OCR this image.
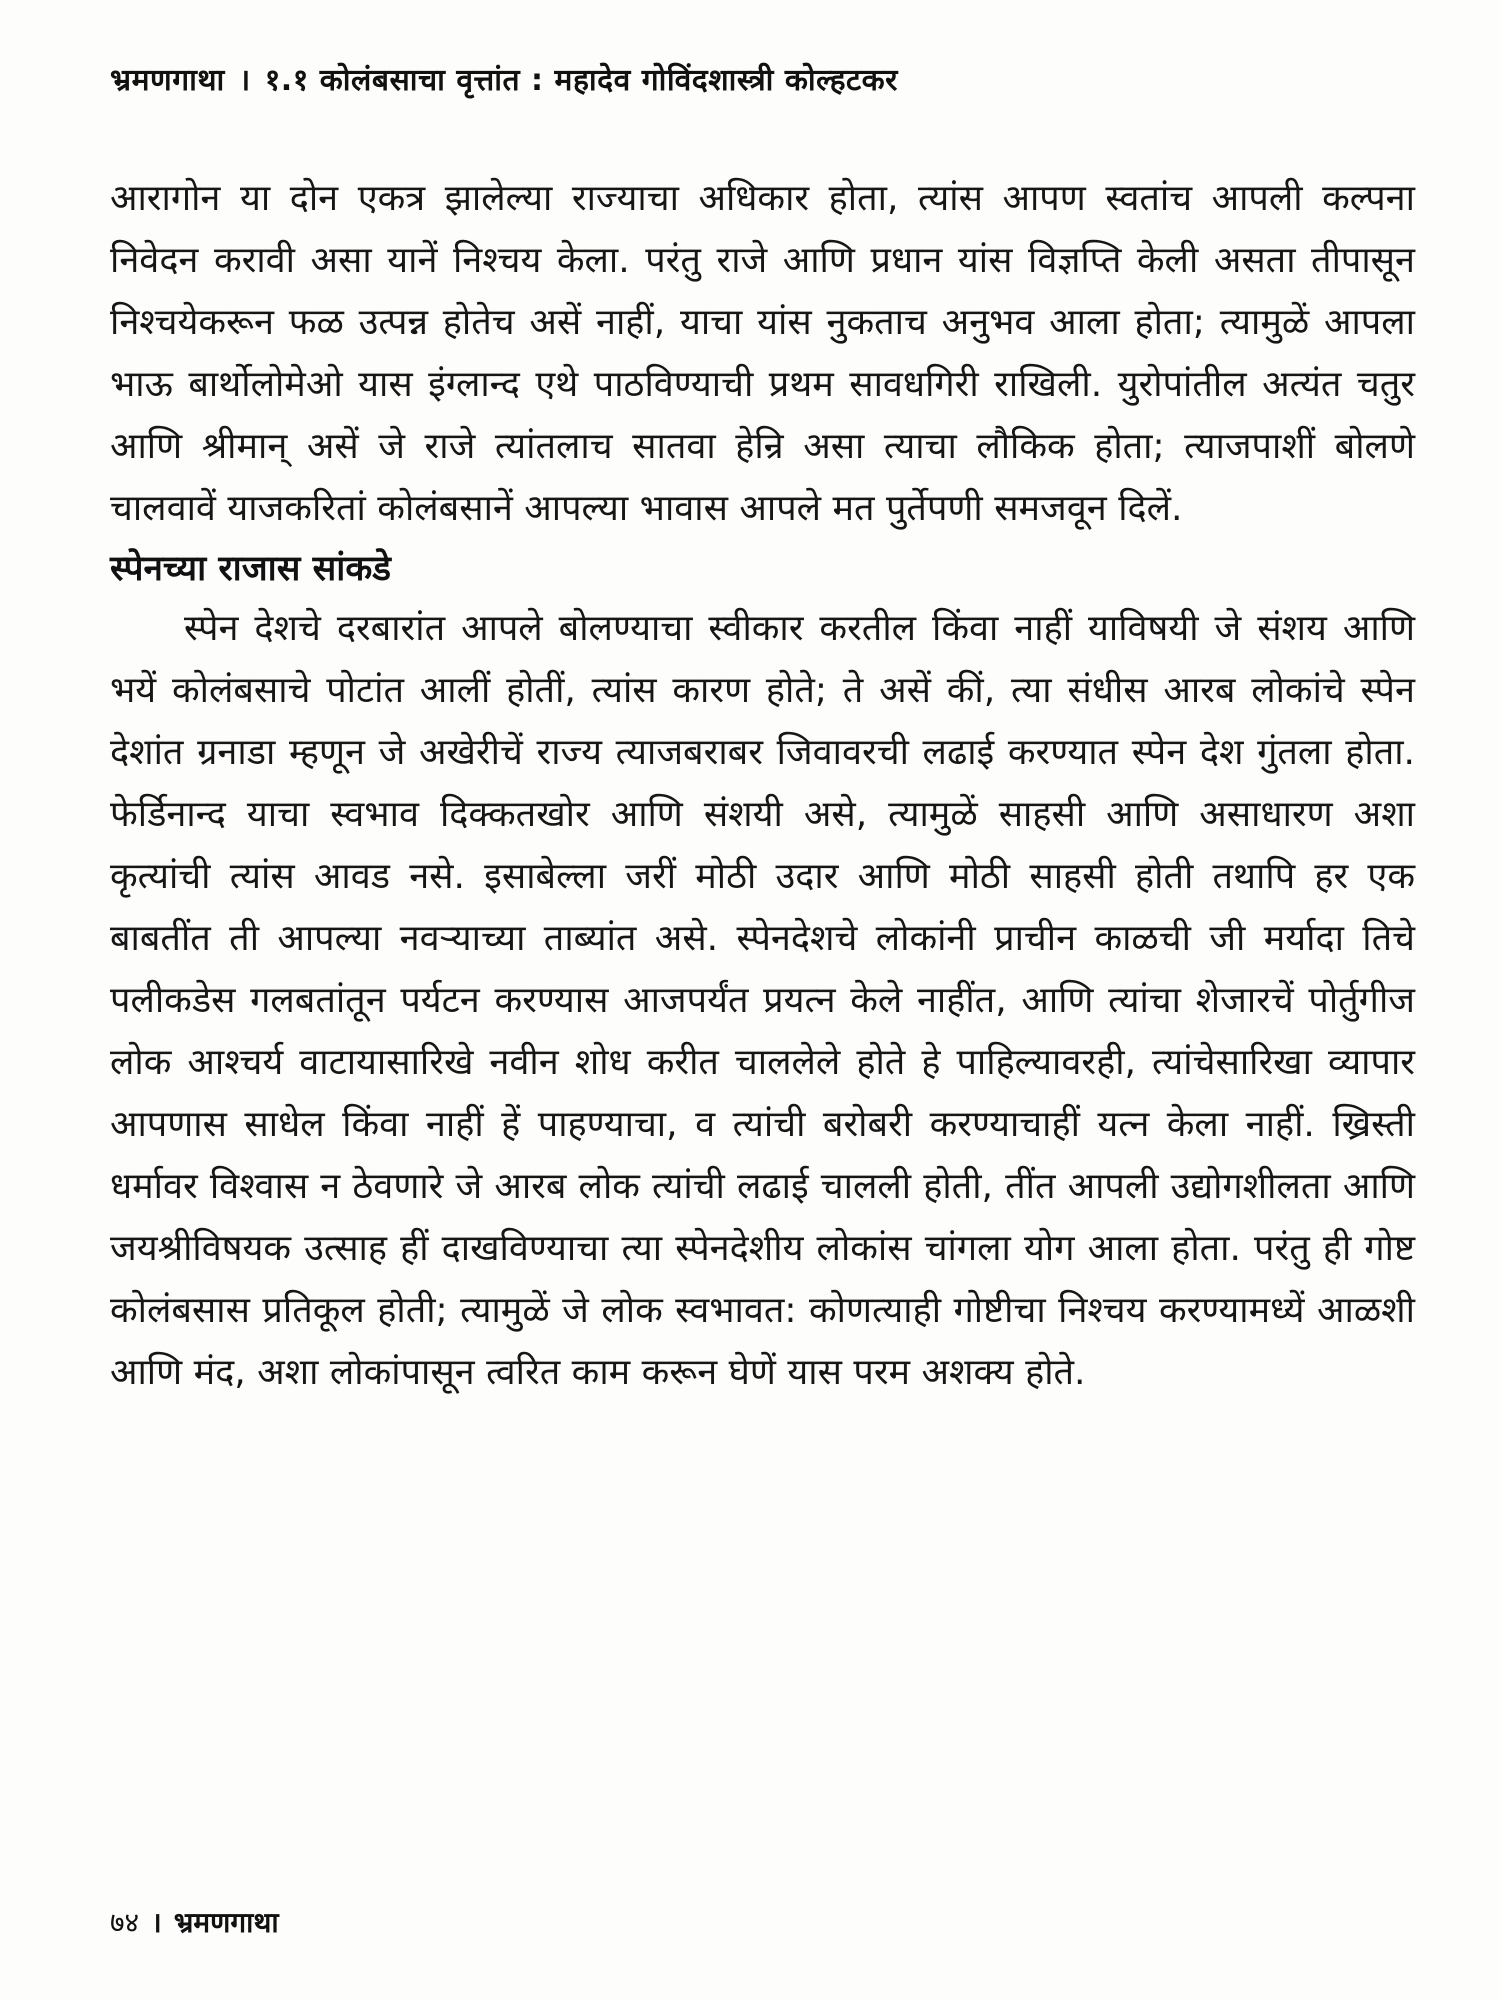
भ्रमणगाथा । १.१ कोलंबसाचा वृत्तांत : महादेव गोविंदशास्त्री कोल्हटकर

आरागोन या दोन एकत्र झालेल्या राज्याचा अधिकार होता, त्यांस आपण स्वतांच आपली कल्पना निवेदन करावी असा यानें निश्चय केला. परंतु राजे आणि प्रधान यांस विज्ञप्ति केली असता तीपासून निश्चयेकरून फळ उत्पन्न होतेच असें नाहीं, याचा यांस नुकताच अनुभव आला होता; त्यामुळें आपला भाऊ बार्थोलोमेओ यास इंग्लान्द एथे पाठविण्याची प्रथम सावधगिरी राखिली. युरोपांतील अत्यंत चतुर आणि श्रीमान् असें जे राजे त्यांतलाच सातवा हेन्रि असा त्याचा लौकिक होता; त्याजपाशीं बोलणे चालवावें याजकरितां कोलंबसानें आपल्या भावास आपले मत पुर्तेपणी समजवून दिलें.

स्पेनच्या राजास सांकडे

स्पेन देशचे दरबारांत आपले बोलण्याचा स्वीकार करतील किंवा नाहीं याविषयी जे संशय आणि भयें कोलंबसाचे पोटांत आलीं होतीं, त्यांस कारण होते; ते असें कीं, त्या संधीस आरब लोकांचे स्पेन देशांत ग्रनाडा म्हणून जे अखेरीचें राज्य त्याजबराबर जिवावरची लढाई करण्यात स्पेन देश गुंतला होता. फेर्डिनान्द याचा स्वभाव दिक्कतखोर आणि संशयी असे, त्यामुळें साहसी आणि असाधारण अशा कृत्यांची त्यांस आवड नसे. इसाबेल्ला जरीं मोठी उदार आणि मोठी साहसी होती तथापि हर एक बाबतींत ती आपल्या नवऱ्याच्या ताब्यांत असे. स्पेनदेशचे लोकांनी प्राचीन काळची जी मर्यादा तिचे पलीकडेस गलबतांतून पर्यटन करण्यास आजपर्यंत प्रयत्न केले नाहींत, आणि त्यांचा शेजारचें पोर्तुगीज लोक आश्चर्य वाटायासारिखे नवीन शोध करीत चाललेले होते हे पाहिल्यावरही, त्यांचेसारिखा व्यापार आपणास साधेल किंवा नाहीं हें पाहण्याचा, व त्यांची बरोबरी करण्याचाहीं यत्न केला नाहीं. ख्रिस्ती धर्मावर विश्वास न ठेवणारे जे आरब लोक त्यांची लढाई चालली होती, तींत आपली उद्योगशीलता आणि जयश्रीविषयक उत्साह हीं दाखविण्याचा त्या स्पेनदेशीय लोकांस चांगला योग आला होता. परंतु ही गोष्ट कोलंबसास प्रतिकूल होती; त्यामुळें जे लोक स्वभावत: कोणत्याही गोष्टीचा निश्चय करण्यामध्यें आळशी आणि मंद, अशा लोकांपासून त्वरित काम करून घेणें यास परम अशक्य होते.

७४ । भ्रमणगाथा
